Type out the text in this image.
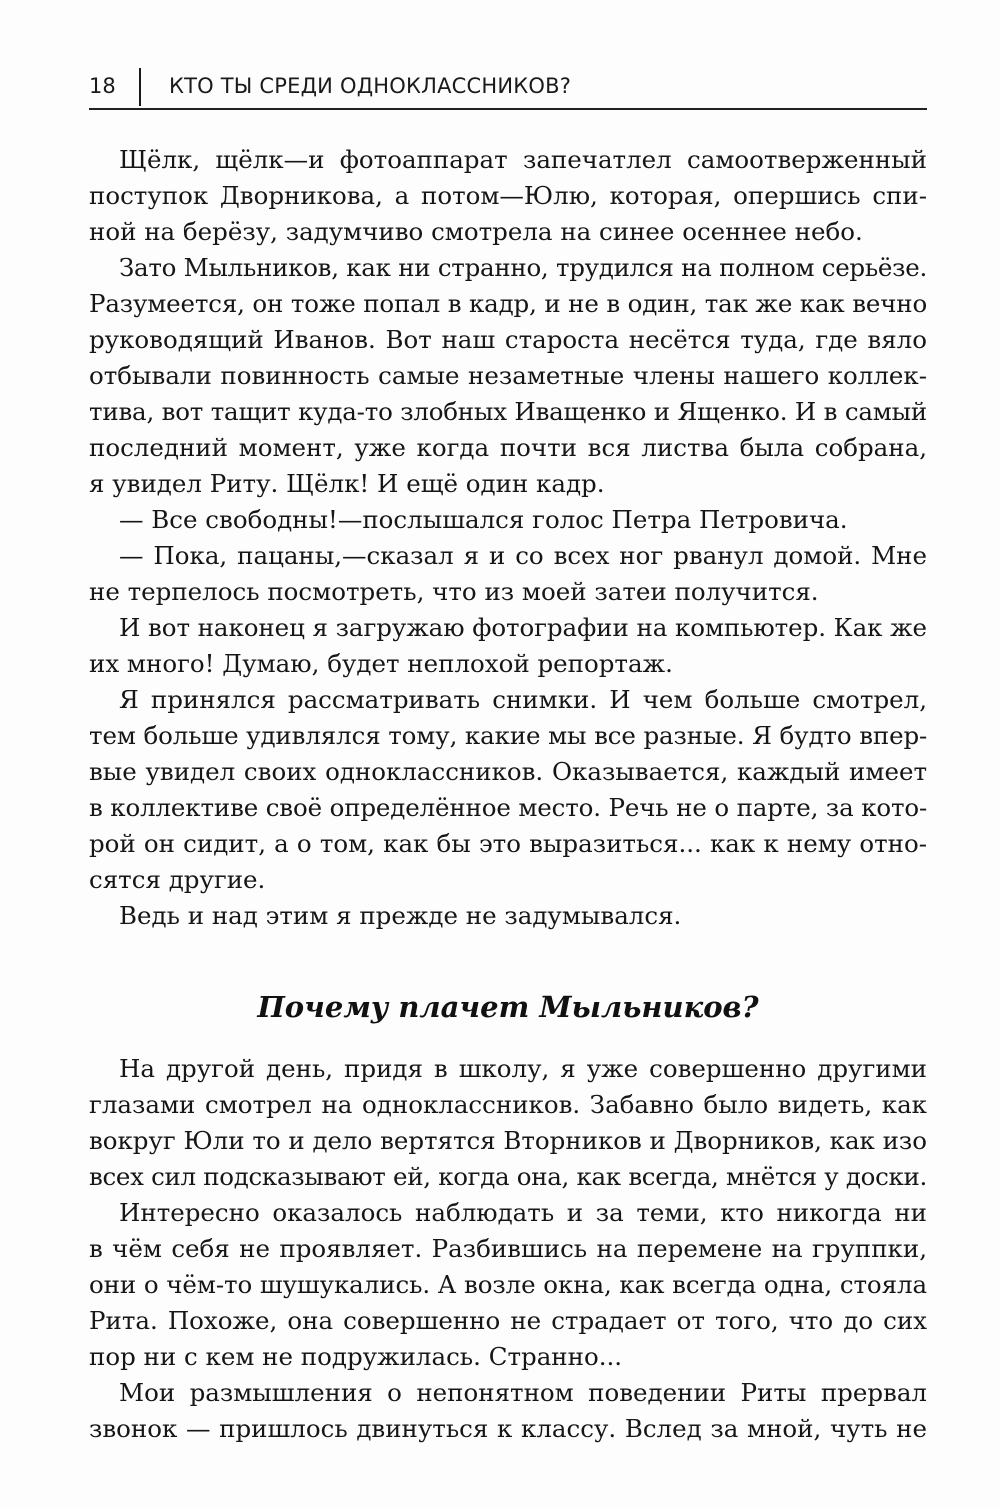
18	КТО ТЫ СРЕДИ ОДНОКЛАССНИКОВ?
Щёлк, щёлк—и фотоаппарат запечатлел самоотверженный
поступок Дворникова, а потом—Юлю, которая, опершись спи-
ной на берёзу, задумчиво смотрела на синее осеннее небо.
Зато Мыльников, как ни странно, трудился на полном серьёзе.
Разумеется, он тоже попал в кадр, и не в один, так же как вечно
руководящий Иванов. Вот наш староста несётся туда, где вяло
отбывали повинность самые незаметные члены нашего коллек-
тива, вот тащит куда-то злобных Иващенко и Ященко. И в самый
последний момент, уже когда почти вся листва была собрана,
я увидел Риту. Щёлк! И ещё один кадр.
— Все свободны!—послышался голос Петра Петровича.
— Пока, пацаны,—сказал я и со всех ног рванул домой. Мне
не терпелось посмотреть, что из моей затеи получится.
И вот наконец я загружаю фотографии на компьютер. Как же
их много! Думаю, будет неплохой репортаж.
Я принялся рассматривать снимки. И чем больше смотрел,
тем больше удивлялся тому, какие мы все разные. Я будто впер-
вые увидел своих одноклассников. Оказывается, каждый имеет
в коллективе своё определённое место. Речь не о парте, за кото-
рой он сидит, а о том, как бы это выразиться... как к нему отно-
сятся другие.
Ведь и над этим я прежде не задумывался.
Почему плачет Мыльников?
На другой день, придя в школу, я уже совершенно другими
глазами смотрел на одноклассников. Забавно было видеть, как
вокруг Юли то и дело вертятся Вторников и Дворников, как изо
всех сил подсказывают ей, когда она, как всегда, мнётся у доски.
Интересно оказалось наблюдать и за теми, кто никогда ни
в чём себя не проявляет. Разбившись на перемене на группки,
они о чём-то шушукались. А возле окна, как всегда одна, стояла
Рита. Похоже, она совершенно не страдает от того, что до сих
пор ни с кем не подружилась. Странно...
Мои размышления о непонятном поведении Риты прервал
звонок — пришлось двинуться к классу. Вслед за мной, чуть не
